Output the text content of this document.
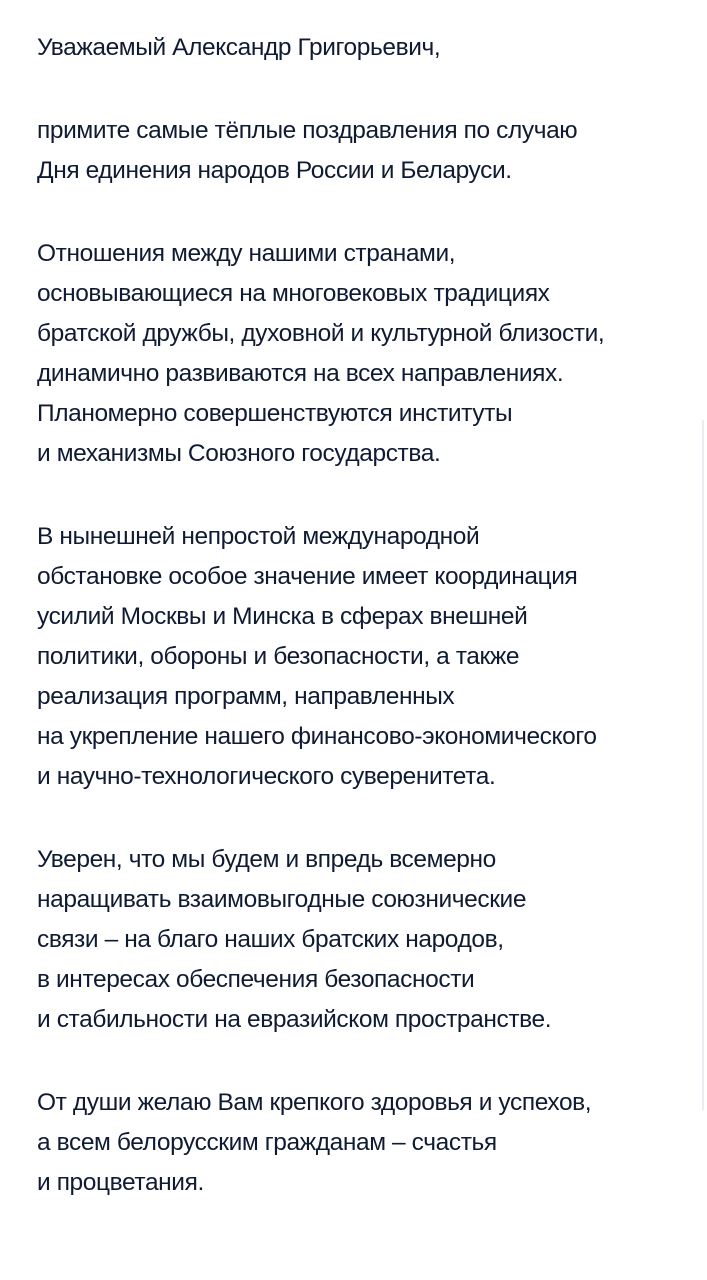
Уважаемый Александр Григорьевич,
примите самые тёплые поздравления по случаю
Дня единения народов России и Беларуси.
Отношения между нашими странами,
основывающиеся на многовековых традициях
братской дружбы, духовной и культурной близости,
динамично развиваются на всех направлениях.
Планомерно совершенствуются институты
и механизмы Союзного государства.
В нынешней непростой международной
обстановке особое значение имеет координация
усилий Москвы и Минска в сферах внешней
политики, обороны и безопасности, а также
реализация программ, направленных
на укрепление нашего финансово-экономического
и научно-технологического суверенитета.
Уверен, что мы будем и впредь всемерно
наращивать взаимовыгодные союзнические
связи – на благо наших братских народов,
в интересах обеспечения безопасности
и стабильности на евразийском пространстве.
От души желаю Вам крепкого здоровья и успехов,
а всем белорусским гражданам – счастья
и процветания.
